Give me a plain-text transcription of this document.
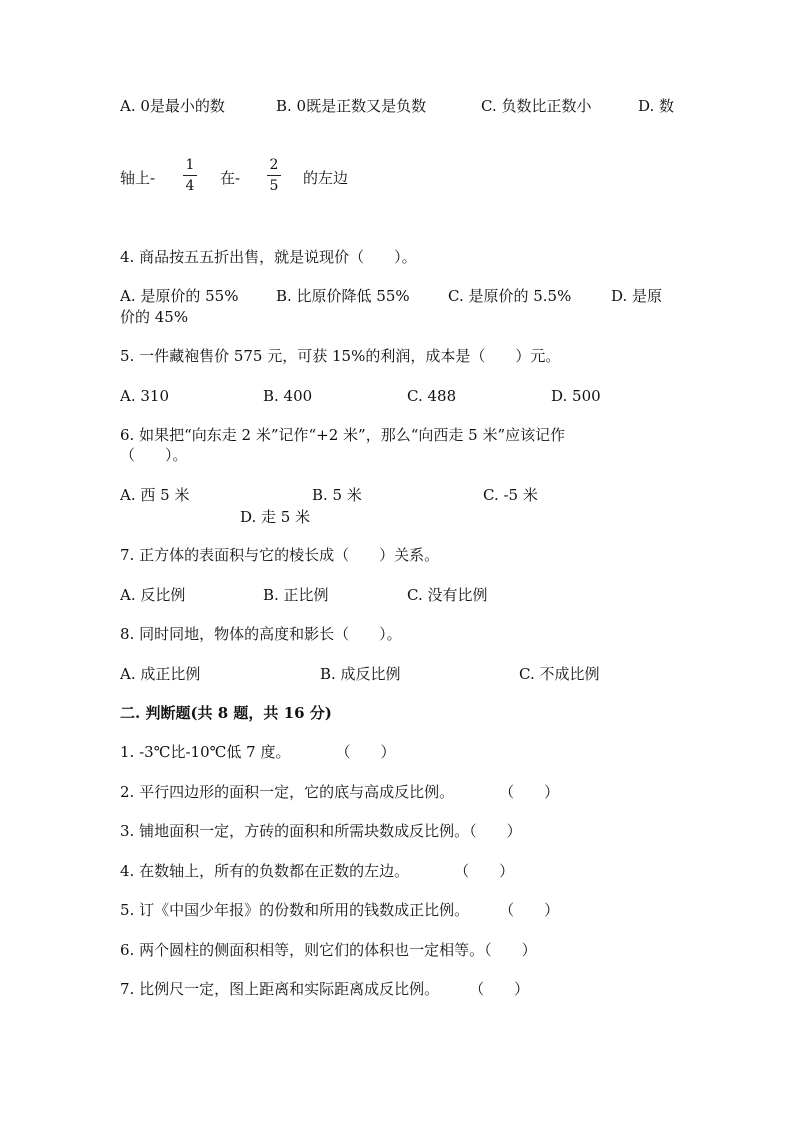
A. 0是最小的数	B. 0既是正数又是负数	C. 负数比正数小	D. 数
轴上-
1
4 在-
2
5 的左边
4. 商品按五五折出售，就是说现价（　　）。
A. 是原价的 55%	B. 比原价降低 55%	C. 是原价的 5.5%	D. 是原
价的 45%
5. 一件藏袍售价 575 元，可获 15%的利润，成本是（　　）元。
A. 310	B. 400	C. 488	D. 500
6. 如果把“向东走 2 米”记作“+2 米”，那么“向西走 5 米”应该记作
（　　）。
A. 西 5 米	B. 5 米	C. -5 米
D. 走 5 米
7. 正方体的表面积与它的棱长成（　　）关系。
A. 反比例	B. 正比例	C. 没有比例
8. 同时同地，物体的高度和影长（　　）。
A. 成正比例	B. 成反比例	C. 不成比例
二. 判断题(共 8 题，共 16 分)
1. -3℃比-10℃低 7 度。　　　　（　　）
2. 平行四边形的面积一定，它的底与高成反比例。　　　　（　　）
3. 铺地面积一定，方砖的面积和所需块数成反比例。（　　）
4. 在数轴上，所有的负数都在正数的左边。　　　　（　　）
5. 订《中国少年报》的份数和所用的钱数成正比例。　　　（　　）
6. 两个圆柱的侧面积相等，则它们的体积也一定相等。（　　）
7. 比例尺一定，图上距离和实际距离成反比例。　　　（　　）
